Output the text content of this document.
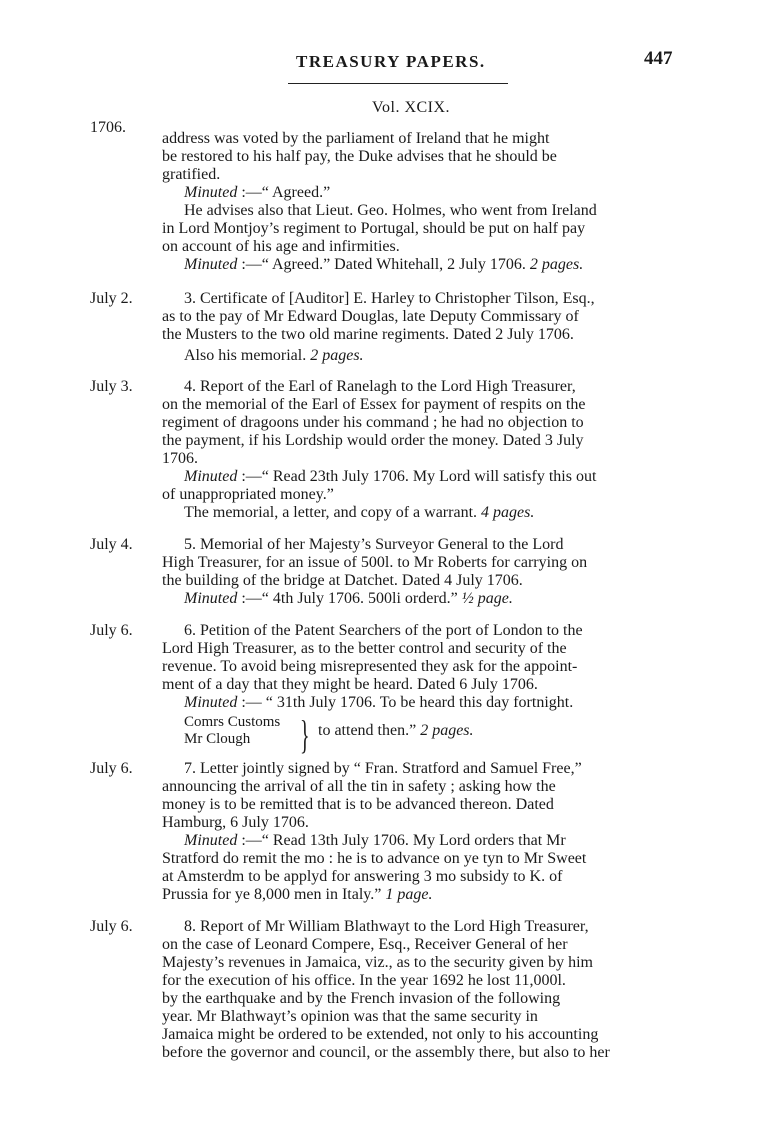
TREASURY PAPERS.	447
Vol. XCIX.
1706.

address was voted by the parliament of Ireland that he might

be restored to his half pay, the Duke advises that he should be

gratified.

Minuted :—“ Agreed.”

He advises also that Lieut. Geo. Holmes, who went from Ireland

in Lord Montjoy’s regiment to Portugal, should be put on half pay

on account of his age and infirmities.

Minuted :—“ Agreed.” Dated Whitehall, 2 July 1706. 2 pages.

July 2.	3. Certificate of [Auditor] E. Harley to Christopher Tilson, Esq.,

as to the pay of Mr Edward Douglas, late Deputy Commissary of

the Musters to the two old marine regiments. Dated 2 July 1706.

Also his memorial. 2 pages.

July 3.	4. Report of the Earl of Ranelagh to the Lord High Treasurer,

on the memorial of the Earl of Essex for payment of respits on the

regiment of dragoons under his command ; he had no objection to

the payment, if his Lordship would order the money. Dated 3 July

1706.

Minuted :—“ Read 23th July 1706. My Lord will satisfy this out

of unappropriated money.”

The memorial, a letter, and copy of a warrant. 4 pages.

July 4.	5. Memorial of her Majesty’s Surveyor General to the Lord

High Treasurer, for an issue of 500l. to Mr Roberts for carrying on

the building of the bridge at Datchet. Dated 4 July 1706.

Minuted :—“ 4th July 1706. 500li orderd.” ½ page.

July 6.	6. Petition of the Patent Searchers of the port of London to the

Lord High Treasurer, as to the better control and security of the

revenue. To avoid being misrepresented they ask for the appoint-

ment of a day that they might be heard. Dated 6 July 1706.

Minuted :— “ 31th July 1706. To be heard this day fortnight.

Comrs Customs
Mr Clough } to attend then.” 2 pages.
July 6.	7. Letter jointly signed by “ Fran. Stratford and Samuel Free,”

announcing the arrival of all the tin in safety ; asking how the

money is to be remitted that is to be advanced thereon. Dated

Hamburg, 6 July 1706.

Minuted :—“ Read 13th July 1706. My Lord orders that Mr

Stratford do remit the mo : he is to advance on ye tyn to Mr Sweet

at Amsterdm to be applyd for answering 3 mo subsidy to K. of

Prussia for ye 8,000 men in Italy.” 1 page.

July 6.	8. Report of Mr William Blathwayt to the Lord High Treasurer,

on the case of Leonard Compere, Esq., Receiver General of her

Majesty’s revenues in Jamaica, viz., as to the security given by him

for the execution of his office. In the year 1692 he lost 11,000l.

by the earthquake and by the French invasion of the following

year. Mr Blathwayt’s opinion was that the same security in

Jamaica might be ordered to be extended, not only to his accounting

before the governor and council, or the assembly there, but also to her
